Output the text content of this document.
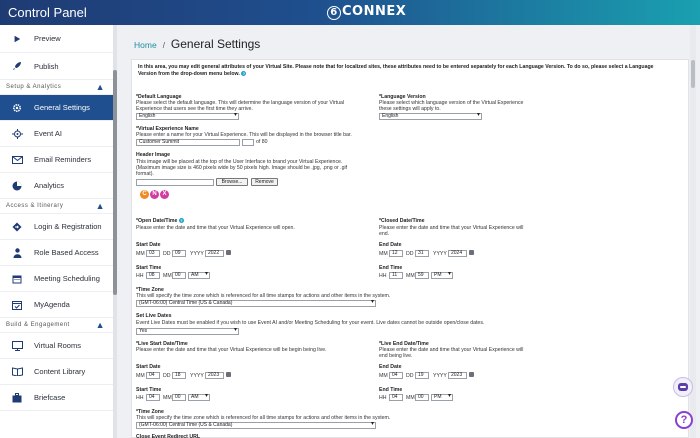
Control Panel	6 CONNEX
Preview
Publish
Setup & Analytics	▲
General Settings
Event AI
Email Reminders
Analytics
Access & Itinerary	▲
Login & Registration
Role Based Access
Meeting Scheduling
MyAgenda
Build & Engagement	▲
Virtual Rooms
Content Library
Briefcase
Home / General Settings
In this area, you may edit general attributes of your Virtual Site. Please note that for localized sites, these attributes need to be entered separately for each Language Version. To do so, please select a Language Version from the drop-down menu below. ?
*Default Language
Please select the default language. This will determine the language version of your Virtual
Experience that users see the first time they arrive.
English ▾
*Language Version
Please select which language version of the Virtual Experience
these settings will apply to.
English ▾
*Virtual Experience Name
Please enter a name for your Virtual Experience. This will be displayed in the browser title bar.
Customer Summit	of 80
Header Image
This image will be placed at the top of the User Interface to brand your Virtual Experience.
(Maximum image size is 460 pixels wide by 50 pixels high. Image should be .jpg, .png or .gif
format).
Browse...	Remove
C N X
*Open Date/Time ?
Please enter the date and time that your Virtual Experience will open.
Start Date
MM 03	DD 09	YYYY 2022
Start Time
HH	08	MM 00	AM ▾
*Closed Date/Time
Please enter the date and time that your Virtual Experience will
end.
End Date
MM 12	DD 31	YYYY 2024
End Time
HH	11	MM 59	PM ▾
*Time Zone
This will specify the time zone which is referenced for all time stamps for actions and other items in the system.
(GMT-06:00) Central Time (US & Canada) ▾
Set Live Dates
Event Live Dates must be enabled if you wish to use Event AI and/or Meeting Scheduling for your event. Live dates cannot be outside open/close dates.
Yes ▾
*Live Start Date/Time
Please enter the date and time that your Virtual Experience will be begin being live.
Start Date
MM 04	DD 18	YYYY 2023
Start Time
HH	04	MM 00	AM ▾
*Live End Date/Time
Please enter the date and time that your Virtual Experience will
end being live.
End Date
MM 04	DD 19	YYYY 2023
End Time
HH	04	MM 00	PM ▾
*Time Zone
This will specify the time zone which is referenced for all time stamps for actions and other items in the system.
(GMT-06:00) Central Time (US & Canada) ▾
Close Event Redirect URL
?
